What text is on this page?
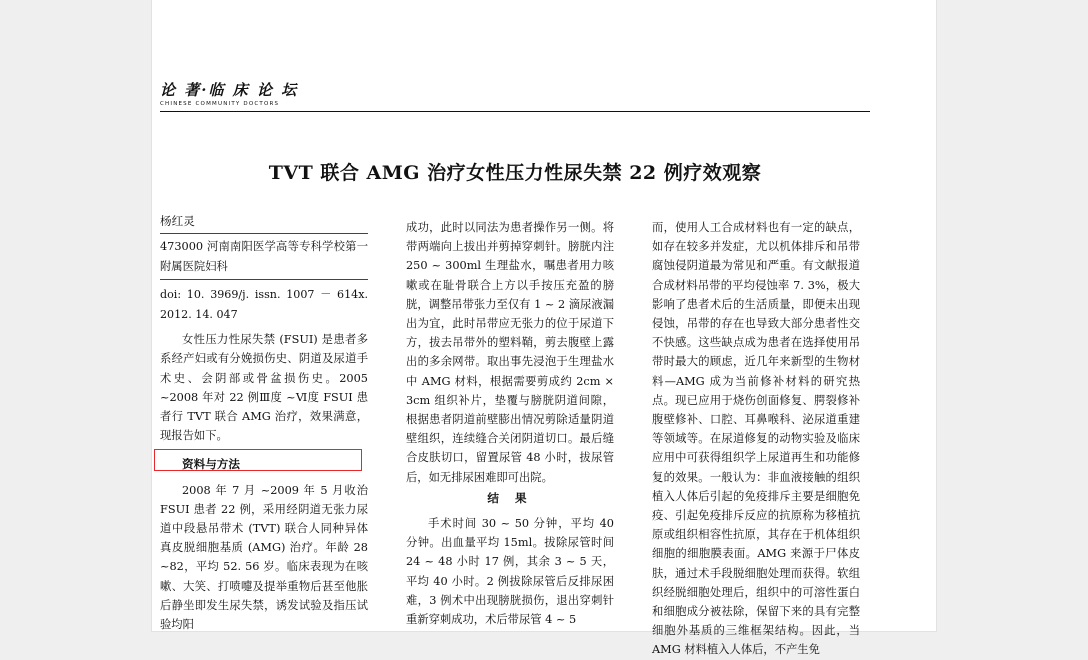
论 著·临 床 论 坛
CHINESE COMMUNITY DOCTORS
TVT 联合 AMG 治疗女性压力性尿失禁 22 例疗效观察
杨红灵
473000 河南南阳医学高等专科学校第一附属医院妇科
doi: 10. 3969/j. issn. 1007 － 614x. 2012. 14. 047
女性压力性尿失禁 (FSUI) 是患者多系经产妇或有分娩损伤史、阴道及尿道手术史、会阴部或骨盆损伤史。2005 ~2008 年对 22 例Ⅲ度 ~Ⅵ度 FSUI 患者行 TVT 联合 AMG 治疗，效果满意，现报告如下。
资料与方法
2008 年 7 月 ~2009 年 5 月收治 FSUI 患者 22 例，采用经阴道无张力尿道中段悬吊带术 (TVT) 联合人同种异体真皮脱细胞基质 (AMG) 治疗。年龄 28 ~82，平均 52. 56 岁。临床表现为在咳嗽、大笑、打喷嚏及提举重物后甚至他胀后静坐即发生尿失禁，诱发试验及指压试验均阳
成功，此时以同法为患者操作另一侧。将带两端向上拔出并剪掉穿刺针。膀胱内注 250 ~ 300ml 生理盐水，嘱患者用力咳嗽或在耻骨联合上方以手按压充盈的膀胱，调整吊带张力至仅有 1 ~ 2 滴尿液漏出为宜，此时吊带应无张力的位于尿道下方，拔去吊带外的塑料鞘，剪去腹壁上露出的多余网带。取出事先浸泡于生理盐水中 AMG 材料，根据需要剪成约 2cm × 3cm 组织补片，垫覆与膀胱阴道间隙，根据患者阴道前壁膨出情况剪除适量阴道壁组织，连续缝合关闭阴道切口。最后缝合皮肤切口，留置尿管 48 小时，拔尿管后，如无排尿困难即可出院。
结 果
手术时间 30 ~ 50 分钟，平均 40 分钟。出血量平均 15ml。拔除尿管时间 24 ~ 48 小时 17 例，其余 3 ~ 5 天，平均 40 小时。2 例拔除尿管后反排尿困难，3 例术中出现膀胱损伤，退出穿刺针重新穿刺成功，术后带尿管 4 ~ 5
而，使用人工合成材料也有一定的缺点，如存在较多并发症，尤以机体排斥和吊带腐蚀侵阴道最为常见和严重。有文献报道合成材料吊带的平均侵蚀率 7. 3%，极大影响了患者术后的生活质量，即便未出现侵蚀，吊带的存在也导致大部分患者性交不快感。这些缺点成为患者在选择使用吊带时最大的顾虑，近几年来新型的生物材料—AMG 成为当前修补材料的研究热点。现已应用于烧伤创面修复、腭裂修补腹壁修补、口腔、耳鼻喉科、泌尿道重建等领域等。在尿道修复的动物实验及临床应用中可获得组织学上尿道再生和功能修复的效果。一般认为：非血液接触的组织植入人体后引起的免疫排斥主要是细胞免疫、引起免疫排斥反应的抗原称为移植抗原或组织相容性抗原，其存在于机体组织细胞的细胞膜表面。AMG 来源于尸体皮肤，通过术手段脱细胞处理而获得。软组织经脱细胞处理后，组织中的可溶性蛋白和细胞成分被祛除，保留下来的具有完整细胞外基质的三维框架结构。因此，当 AMG 材料植入人体后，不产生免
